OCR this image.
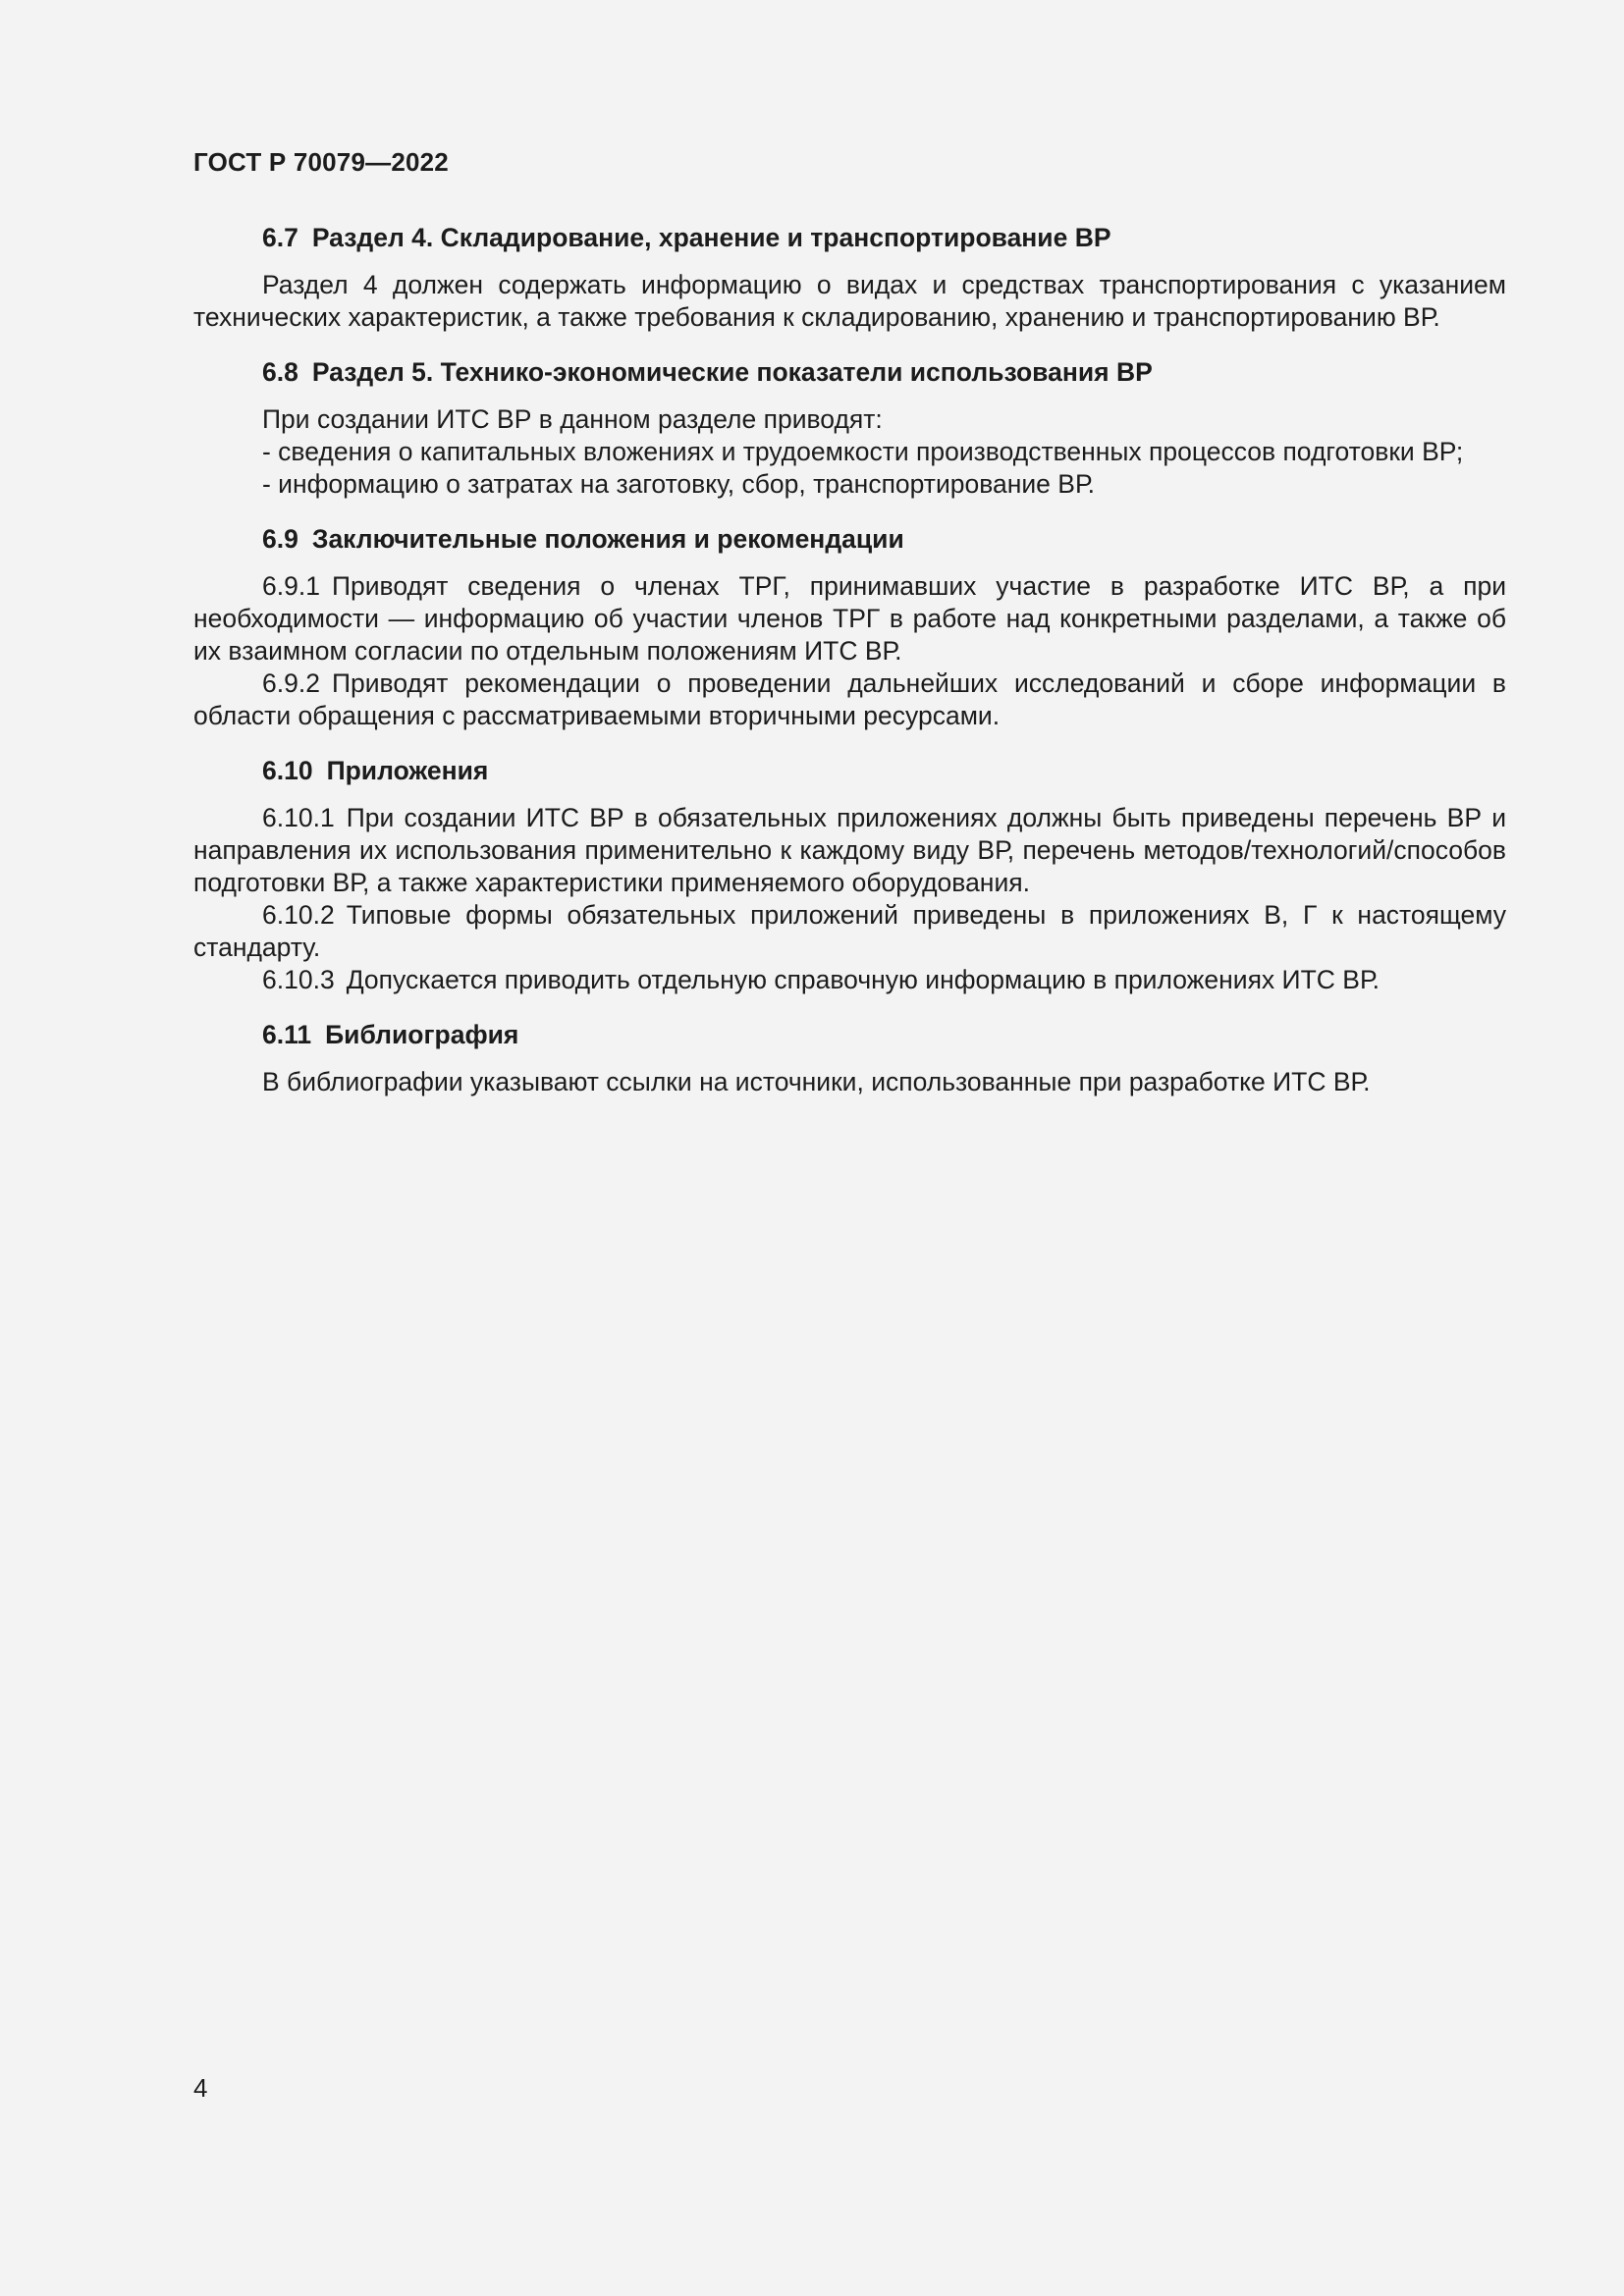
ГОСТ Р 70079—2022

6.7 Раздел 4. Складирование, хранение и транспортирование ВР

Раздел 4 должен содержать информацию о видах и средствах транспортирования с указанием технических характеристик, а также требования к складированию, хранению и транспортированию ВР.

6.8 Раздел 5. Технико-экономические показатели использования ВР

При создании ИТС ВР в данном разделе приводят:

- сведения о капитальных вложениях и трудоемкости производственных процессов подготовки ВР;

- информацию о затратах на заготовку, сбор, транспортирование ВР.

6.9 Заключительные положения и рекомендации

6.9.1 Приводят сведения о членах ТРГ, принимавших участие в разработке ИТС ВР, а при необходимости — информацию об участии членов ТРГ в работе над конкретными разделами, а также об их взаимном согласии по отдельным положениям ИТС ВР.

6.9.2 Приводят рекомендации о проведении дальнейших исследований и сборе информации в области обращения с рассматриваемыми вторичными ресурсами.

6.10 Приложения

6.10.1 При создании ИТС ВР в обязательных приложениях должны быть приведены перечень ВР и направления их использования применительно к каждому виду ВР, перечень методов/технологий/способов подготовки ВР, а также характеристики применяемого оборудования.

6.10.2 Типовые формы обязательных приложений приведены в приложениях В, Г к настоящему стандарту.

6.10.3 Допускается приводить отдельную справочную информацию в приложениях ИТС ВР.

6.11 Библиография

В библиографии указывают ссылки на источники, использованные при разработке ИТС ВР.

4
